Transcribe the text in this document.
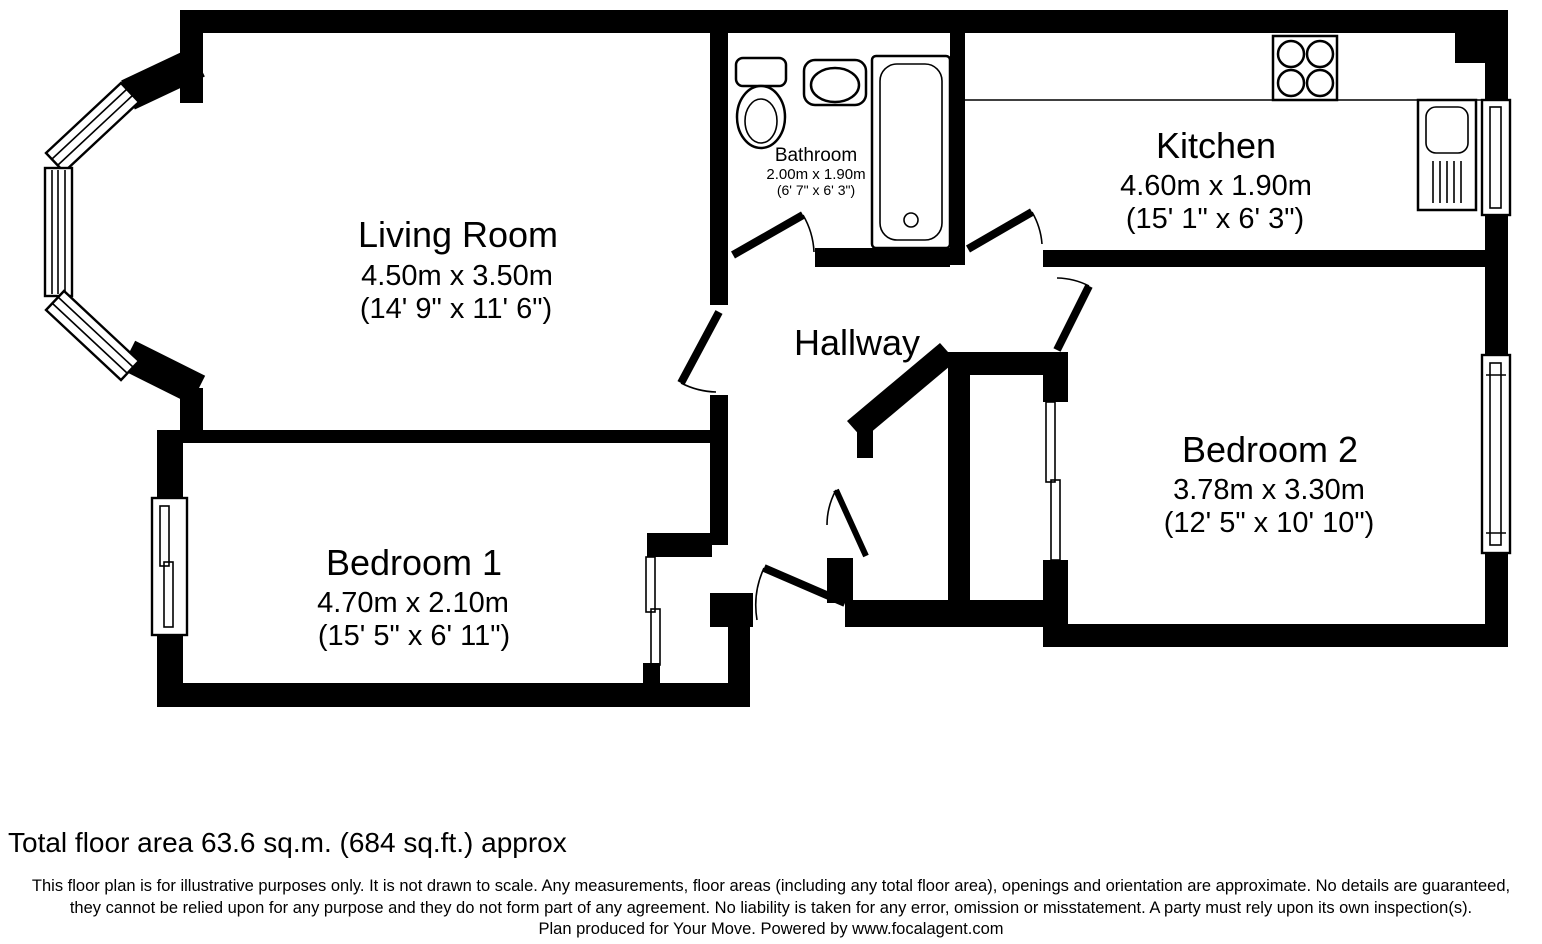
Living Room
4.50m x 3.50m
(14' 9" x 11' 6")
Bathroom
2.00m x 1.90m
(6' 7" x 6' 3")
Kitchen
4.60m x 1.90m
(15' 1" x 6' 3")
Hallway
Bedroom 1
4.70m x 2.10m
(15' 5" x 6' 11")
Bedroom 2
3.78m x 3.30m
(12' 5" x 10' 10")
Total floor area 63.6 sq.m. (684 sq.ft.) approx
This floor plan is for illustrative purposes only. It is not drawn to scale. Any measurements, floor areas (including any total floor area), openings and orientation are approximate. No details are guaranteed,
they cannot be relied upon for any purpose and they do not form part of any agreement. No liability is taken for any error, omission or misstatement. A party must rely upon its own inspection(s).
Plan produced for Your Move. Powered by www.focalagent.com
